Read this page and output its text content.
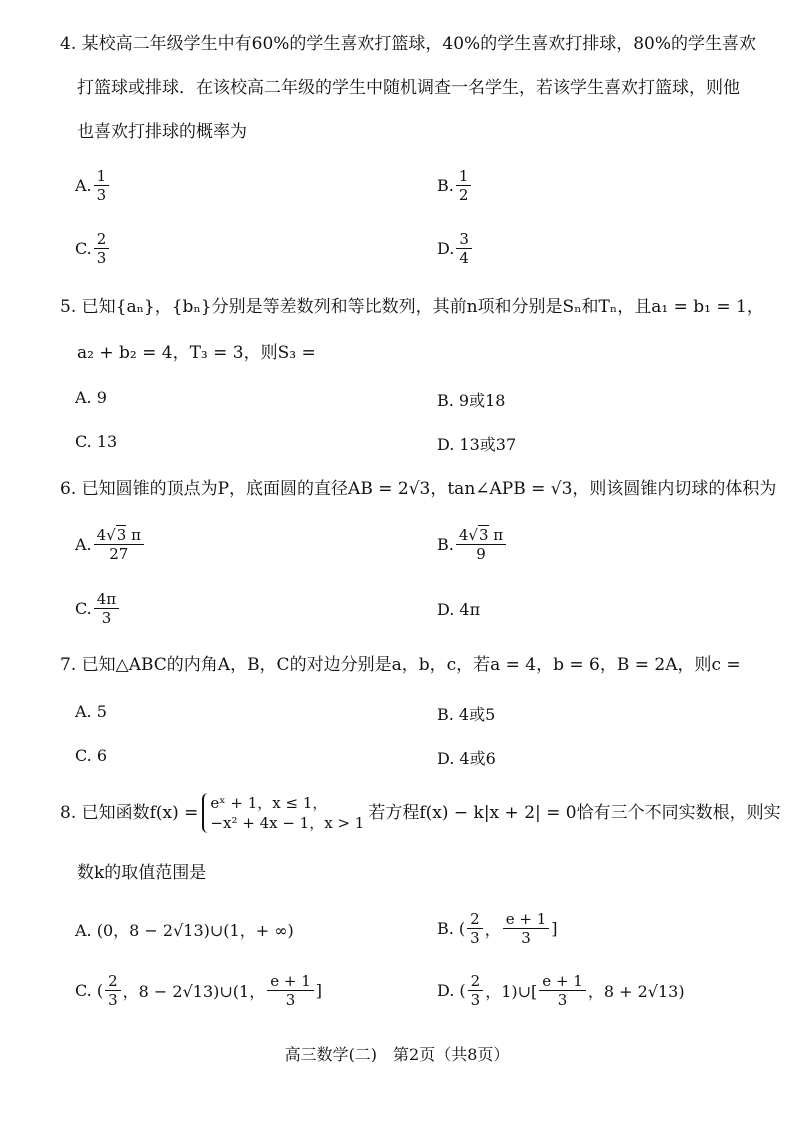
4. 某校高二年级学生中有60%的学生喜欢打篮球，40%的学生喜欢打排球，80%的学生喜欢
打篮球或排球．在该校高二年级的学生中随机调查一名学生，若该学生喜欢打篮球，则他
也喜欢打排球的概率为
A. $\frac{1}{3}$	B. $\frac{1}{2}$
C. $\frac{2}{3}$	D. $\frac{3}{4}$
5. 已知{aₙ}，{bₙ}分别是等差数列和等比数列，其前n项和分别是Sₙ和Tₙ，且a₁ = b₁ = 1，
a₂ + b₂ = 4，T₃ = 3，则S₃ =
A. 9	B. 9或18
C. 13	D. 13或37
6. 已知圆锥的顶点为P，底面圆的直径AB = 2√3，tan∠APB = √3，则该圆锥内切球的体积为
A. $\frac{4√3 \pi}{27}$	B. $\frac{4√3 \pi}{9}$
C. $\frac{4\pi}{3}$	D. 4π
7. 已知△ABC的内角A，B，C的对边分别是a，b，c，若a = 4，b = 6，B = 2A，则c =
A. 5	B. 4或5
C. 6	D. 4或6
8. 已知函数f(x) = eˣ + 1，x ≤ 1，
−x² + 4x − 1，x > 1 若方程f(x) − k|x + 2| = 0恰有三个不同实数根，则实
数k的取值范围是
A. (0，8 − 2√13)∪(1，+ ∞)	B. ( $\frac{2}{3}$ ， $\frac{e + 1}{3}$ ]
C. ( $\frac{2}{3}$ ，8 − 2√13)∪(1， $\frac{e + 1}{3}$ ]	D. ( $\frac{2}{3}$ ，1)∪[ $\frac{e + 1}{3}$ ，8 + 2√13)
高三数学(二)　第2页（共8页）
